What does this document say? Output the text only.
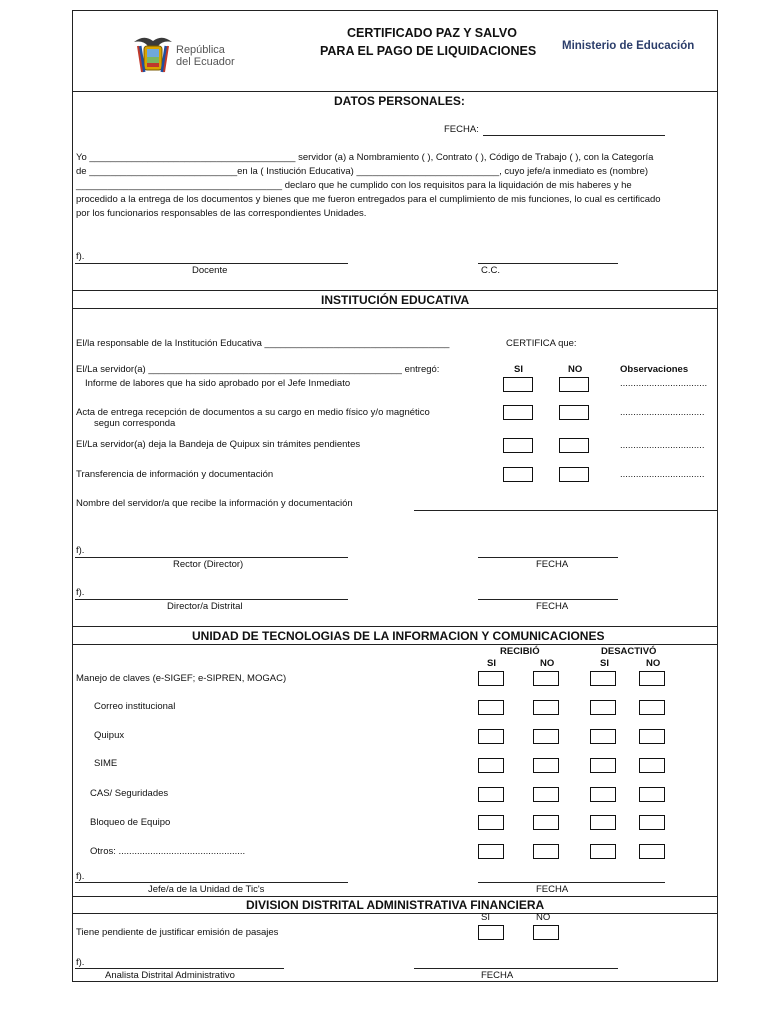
República
del Ecuador
CERTIFICADO PAZ Y SALVO
PARA EL PAGO DE LIQUIDACIONES Ministerio de Educación
DATOS PERSONALES:
FECHA:
Yo _______________________________________ servidor (a) a Nombramiento ( ), Contrato ( ), Código de Trabajo ( ), con la Categoría
de ____________________________en la ( Instiución Educativa) ___________________________, cuyo jefe/a inmediato es (nombre)
_______________________________________ declaro que he cumplido con los requisitos para la liquidación de mis haberes y he
procedido a la entrega de los documentos y bienes que me fueron entregados para el cumplimiento de mis funciones, lo cual es certificado
por los funcionarios responsables de las correspondientes Unidades.
f).
Docente	C.C.
INSTITUCIÓN EDUCATIVA
El/la responsable de la Institución Educativa ___________________________________	CERTIFICA que:
El/La servidor(a) ________________________________________________ entregó:	SI	NO	Observaciones
Informe de labores que ha sido aprobado por el Jefe Inmediato	.................................
Acta de entrega recepción de documentos a su cargo en medio físico y/o magnético
segun corresponda
................................
El/La servidor(a) deja la Bandeja de Quipux sin trámites pendientes	................................
Transferencia de información y documentación	................................
Nombre del servidor/a que recibe la información y documentación
f).
Rector (Director)	FECHA
f).
Director/a Distrital	FECHA
UNIDAD DE TECNOLOGIAS DE LA INFORMACION Y COMUNICACIONES
RECIBIÓ	DESACTIVÓ
SI	NO	SI	NO
Manejo de claves (e-SIGEF; e-SIPREN, MOGAC)
Correo institucional
Quipux
SIME
CAS/ Seguridades
Bloqueo de Equipo
Otros: ................................................
f).
Jefe/a de la Unidad de Tic's	FECHA
DIVISION DISTRITAL ADMINISTRATIVA FINANCIERA
SI	NO
Tiene pendiente de justificar emisión de pasajes
f).
Analista Distrital Administrativo	FECHA
